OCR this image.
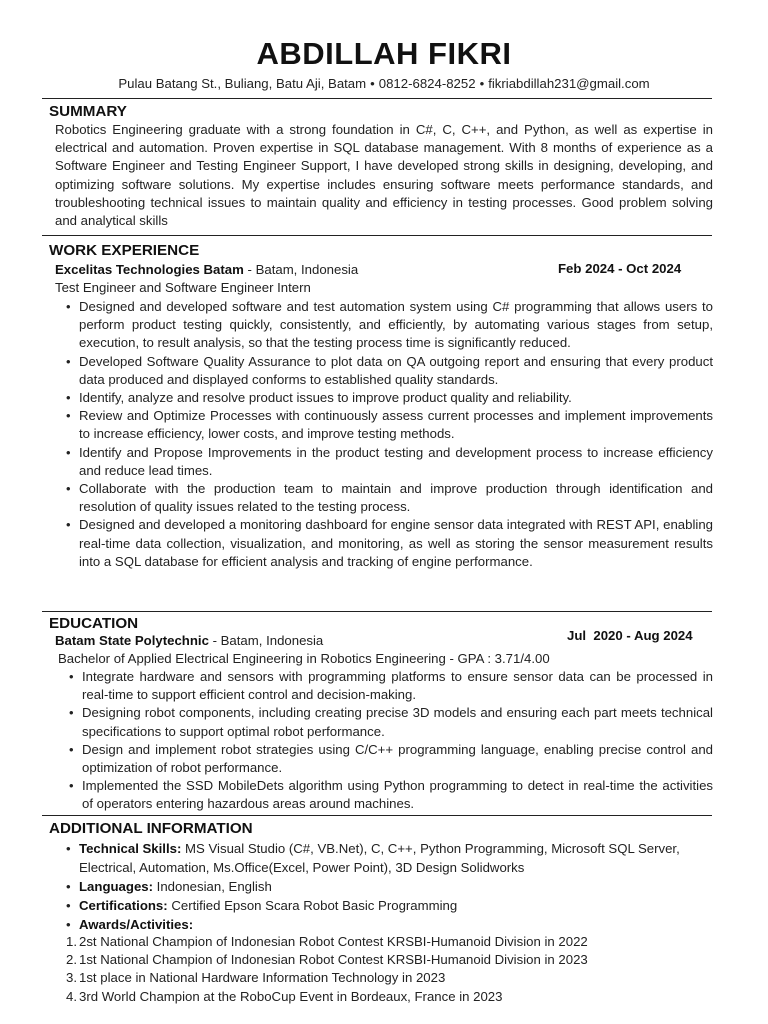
ABDILLAH FIKRI
Pulau Batang St., Buliang, Batu Aji, Batam • 0812-6824-8252 • fikriabdillah231@gmail.com
SUMMARY
Robotics Engineering graduate with a strong foundation in C#, C, C++, and Python, as well as expertise in electrical and automation. Proven expertise in SQL database management. With 8 months of experience as a Software Engineer and Testing Engineer Support, I have developed strong skills in designing, developing, and optimizing software solutions. My expertise includes ensuring software meets performance standards, and troubleshooting technical issues to maintain quality and efficiency in testing processes. Good problem solving and analytical skills
WORK EXPERIENCE
Excelitas Technologies Batam - Batam, Indonesia	Feb 2024 - Oct 2024
Test Engineer and Software Engineer Intern
• Designed and developed software and test automation system using C# programming that allows users to perform product testing quickly, consistently, and efficiently, by automating various stages from setup, execution, to result analysis, so that the testing process time is significantly reduced.
• Developed Software Quality Assurance to plot data on QA outgoing report and ensuring that every product data produced and displayed conforms to established quality standards.
• Identify, analyze and resolve product issues to improve product quality and reliability.
• Review and Optimize Processes with continuously assess current processes and implement improvements to increase efficiency, lower costs, and improve testing methods.
• Identify and Propose Improvements in the product testing and development process to increase efficiency and reduce lead times.
• Collaborate with the production team to maintain and improve production through identification and resolution of quality issues related to the testing process.
• Designed and developed a monitoring dashboard for engine sensor data integrated with REST API, enabling real-time data collection, visualization, and monitoring, as well as storing the sensor measurement results into a SQL database for efficient analysis and tracking of engine performance.
EDUCATION
Batam State Polytechnic - Batam, Indonesia	Jul  2020 - Aug 2024
Bachelor of Applied Electrical Engineering in Robotics Engineering - GPA : 3.71/4.00
• Integrate hardware and sensors with programming platforms to ensure sensor data can be processed in real-time to support efficient control and decision-making.
• Designing robot components, including creating precise 3D models and ensuring each part meets technical specifications to support optimal robot performance.
• Design and implement robot strategies using C/C++ programming language, enabling precise control and optimization of robot performance.
• Implemented the SSD MobileDets algorithm using Python programming to detect in real-time the activities of operators entering hazardous areas around machines.
ADDITIONAL INFORMATION
• Technical Skills: MS Visual Studio (C#, VB.Net), C, C++, Python Programming, Microsoft SQL Server, Electrical, Automation, Ms.Office(Excel, Power Point), 3D Design Solidworks
• Languages: Indonesian, English
• Certifications: Certified Epson Scara Robot Basic Programming
• Awards/Activities:
1. 2st National Champion of Indonesian Robot Contest KRSBI-Humanoid Division in 2022
2. 1st National Champion of Indonesian Robot Contest KRSBI-Humanoid Division in 2023
3. 1st place in National Hardware Information Technology in 2023
4. 3rd World Champion at the RoboCup Event in Bordeaux, France in 2023
